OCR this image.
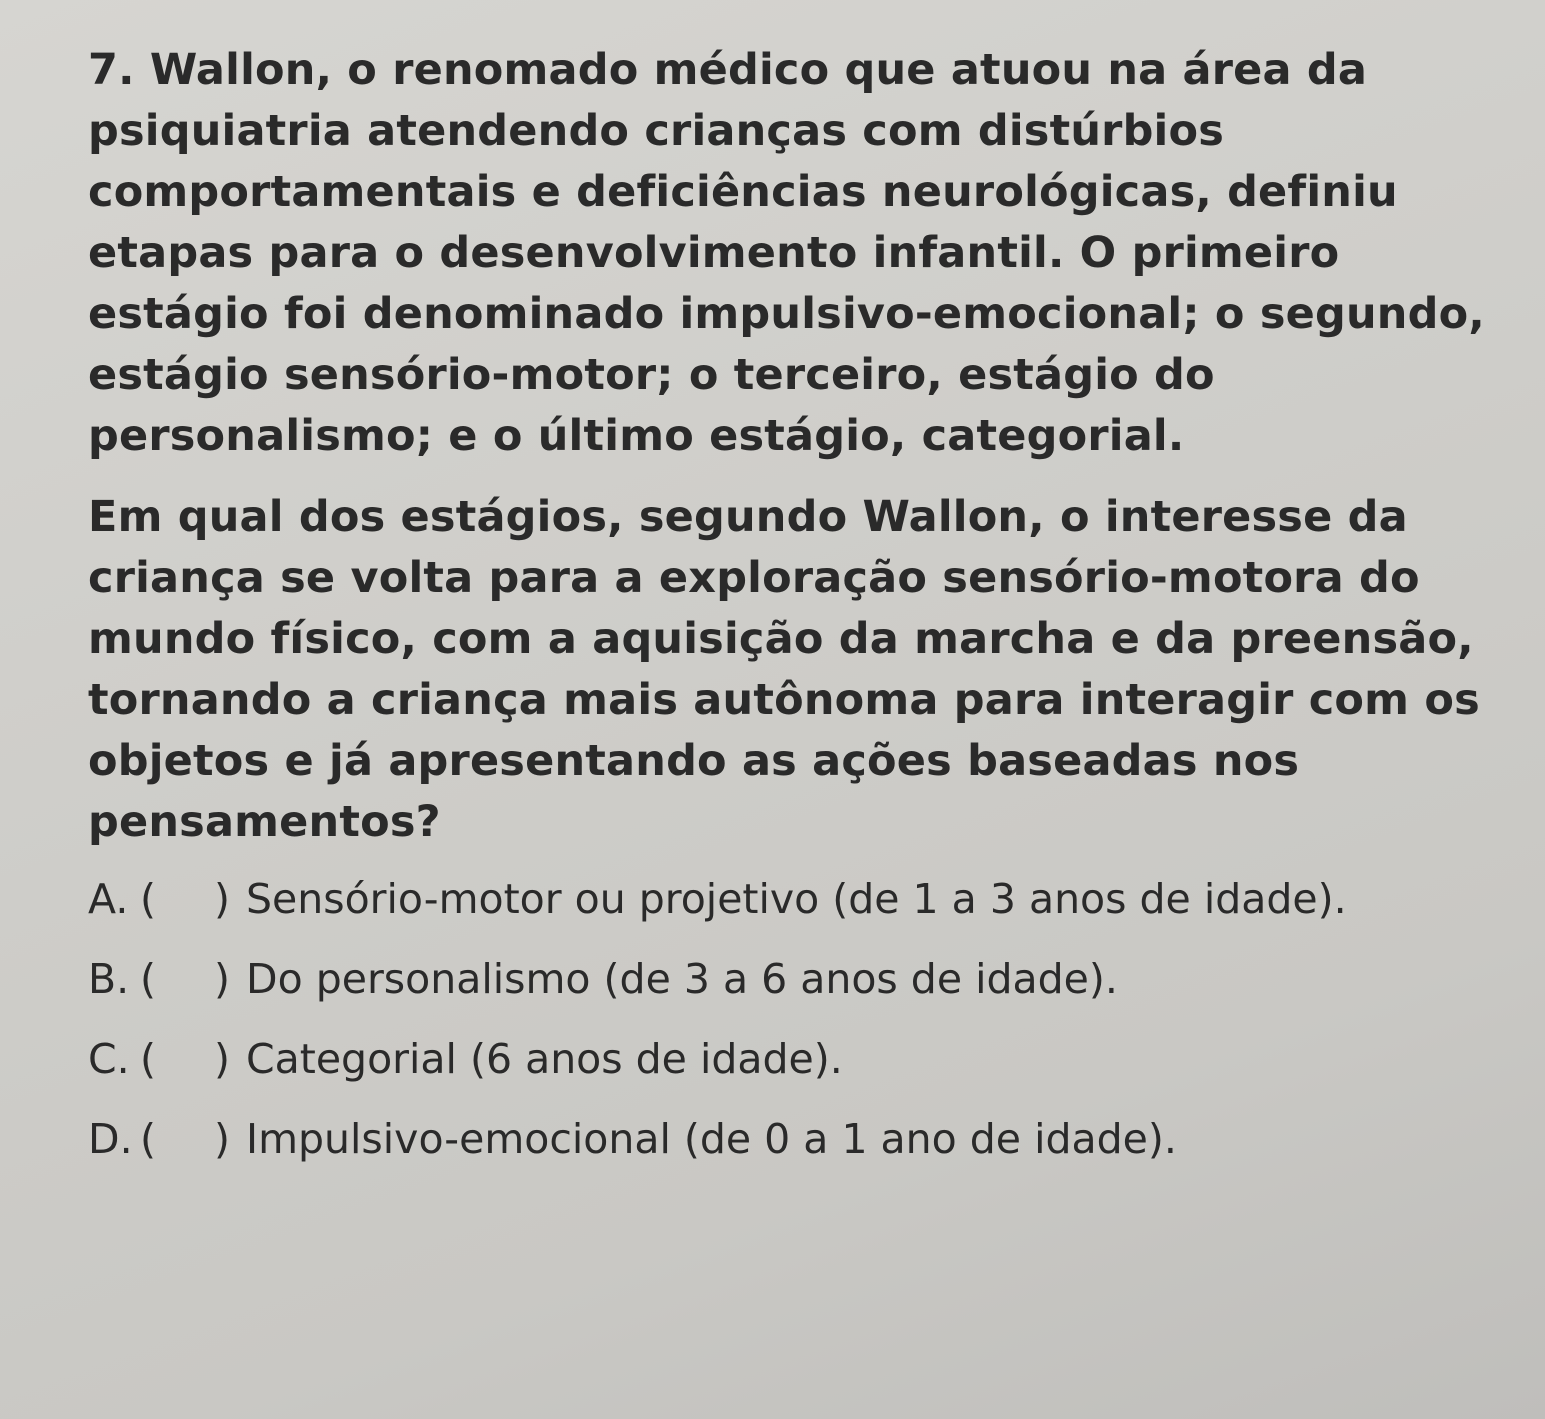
7. Wallon, o renomado médico que atuou na área da psiquiatria atendendo crianças com distúrbios comportamentais e deficiências neurológicas, definiu etapas para o desenvolvimento infantil. O primeiro estágio foi denominado impulsivo-emocional; o segundo, estágio sensório-motor; o terceiro, estágio do personalismo; e o último estágio, categorial.

Em qual dos estágios, segundo Wallon, o interesse da criança se volta para a exploração sensório-motora do mundo físico, com a aquisição da marcha e da preensão, tornando a criança mais autônoma para interagir com os objetos e já apresentando as ações baseadas nos pensamentos?

A. ( ) Sensório-motor ou projetivo (de 1 a 3 anos de idade).
B. ( ) Do personalismo (de 3 a 6 anos de idade).
C. ( ) Categorial (6 anos de idade).
D. ( ) Impulsivo-emocional (de 0 a 1 ano de idade).
